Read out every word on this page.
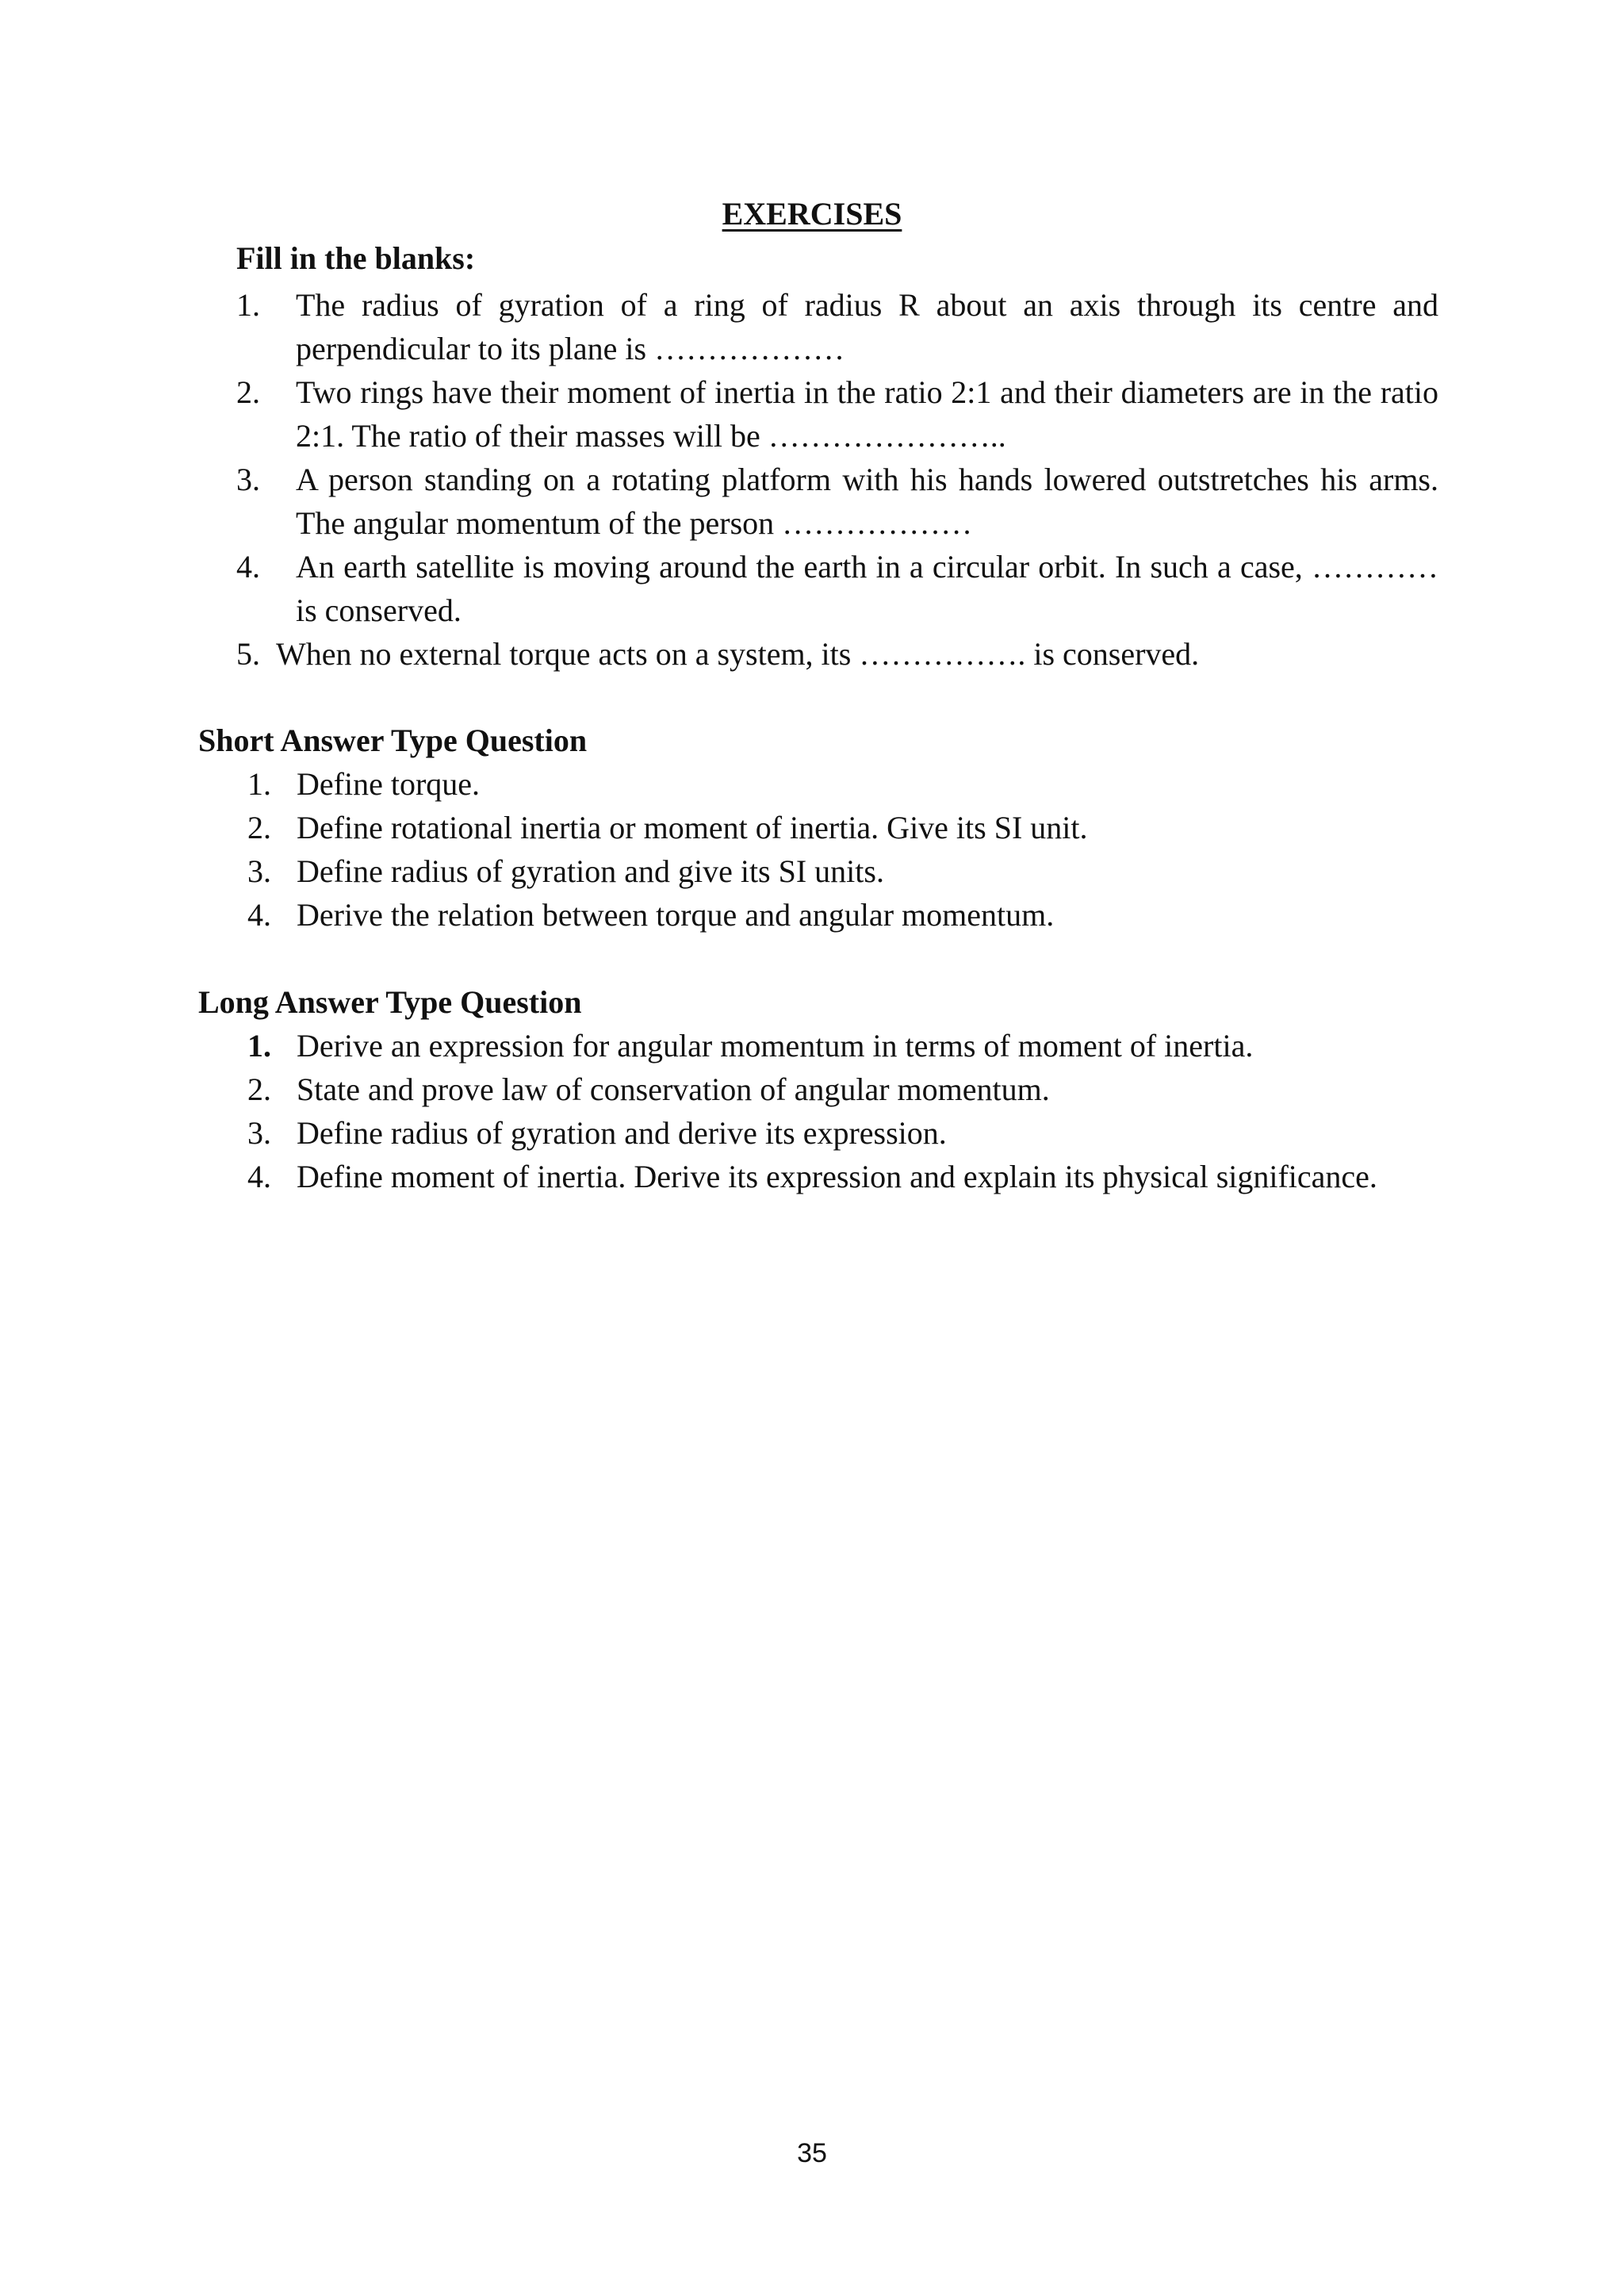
EXERCISES
Fill in the blanks:
1.	The radius of gyration of a ring of radius R about an axis through its centre and perpendicular to its plane is ………………
2.	Two rings have their moment of inertia in the ratio 2:1 and their diameters are in the ratio 2:1. The ratio of their masses will be …………………..
3.	A person standing on a rotating platform with his hands lowered outstretches his arms. The angular momentum of the person ………………
4.	An earth satellite is moving around the earth in a circular orbit. In such a case, ………… is conserved.
5. When no external torque acts on a system, its ……………. is conserved.
Short Answer Type Question
1. Define torque.
2. Define rotational inertia or moment of inertia. Give its SI unit.
3. Define radius of gyration and give its SI units.
4. Derive the relation between torque and angular momentum.
Long Answer Type Question
1. Derive an expression for angular momentum in terms of moment of inertia.
2. State and prove law of conservation of angular momentum.
3. Define radius of gyration and derive its expression.
4. Define moment of inertia. Derive its expression and explain its physical significance.
35
